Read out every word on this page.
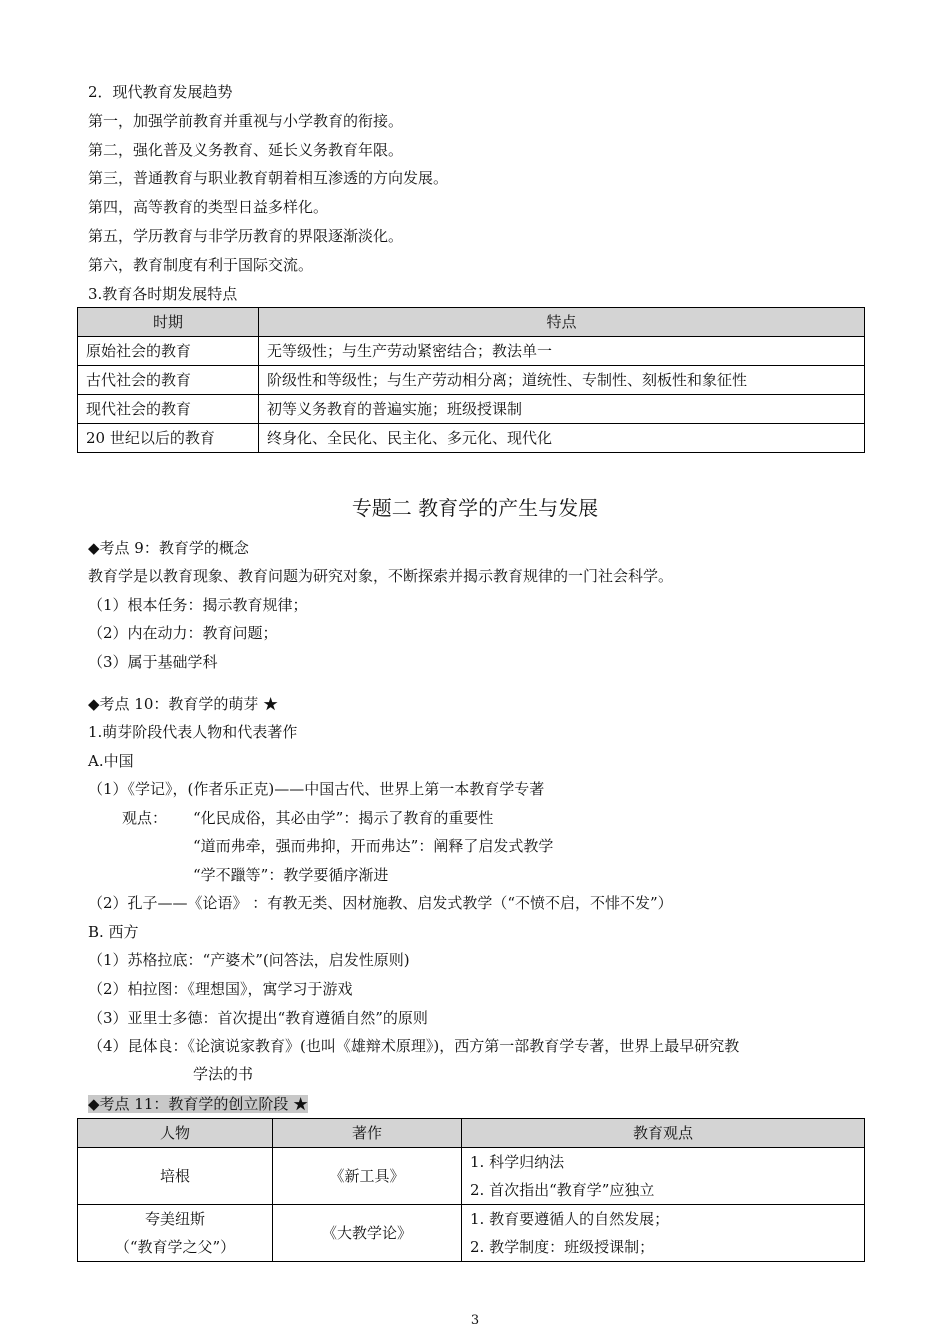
2．现代教育发展趋势
第一，加强学前教育并重视与小学教育的衔接。
第二，强化普及义务教育、延长义务教育年限。
第三，普通教育与职业教育朝着相互渗透的方向发展。
第四，高等教育的类型日益多样化。
第五，学历教育与非学历教育的界限逐渐淡化。
第六，教育制度有利于国际交流。
3.教育各时期发展特点
时期	特点
原始社会的教育	无等级性；与生产劳动紧密结合；教法单一
古代社会的教育	阶级性和等级性；与生产劳动相分离；道统性、专制性、刻板性和象征性
现代社会的教育	初等义务教育的普遍实施；班级授课制
20 世纪以后的教育	终身化、全民化、民主化、多元化、现代化
专题二 教育学的产生与发展
◆考点 9：教育学的概念
教育学是以教育现象、教育问题为研究对象，不断探索并揭示教育规律的一门社会科学。
（1）根本任务：揭示教育规律；
（2）内在动力：教育问题；
（3）属于基础学科
◆考点 10：教育学的萌芽 ★
1.萌芽阶段代表人物和代表著作
A.中国
（1）《学记》，(作者乐正克)——中国古代、世界上第一本教育学专著
观点： “化民成俗，其必由学”：揭示了教育的重要性
“道而弗牵，强而弗抑，开而弗达”：阐释了启发式教学
“学不躐等”：教学要循序渐进
（2）孔子——《论语》 ：有教无类、因材施教、启发式教学（“不愤不启，不悱不发”）
B. 西方
（1）苏格拉底：“产婆术”(问答法，启发性原则)
（2）柏拉图：《理想国》，寓学习于游戏
（3）亚里士多德：首次提出“教育遵循自然”的原则
（4）昆体良：《论演说家教育》(也叫《雄辩术原理》)，西方第一部教育学专著，世界上最早研究教
学法的书
◆考点 11：教育学的创立阶段 ★
人物	著作	教育观点
培根	《新工具》	1. 科学归纳法
2. 首次指出“教育学”应独立

夸美纽斯
（“教育学之父”）	《大教学论》	1. 教育要遵循人的自然发展；
2. 教学制度：班级授课制；
3
